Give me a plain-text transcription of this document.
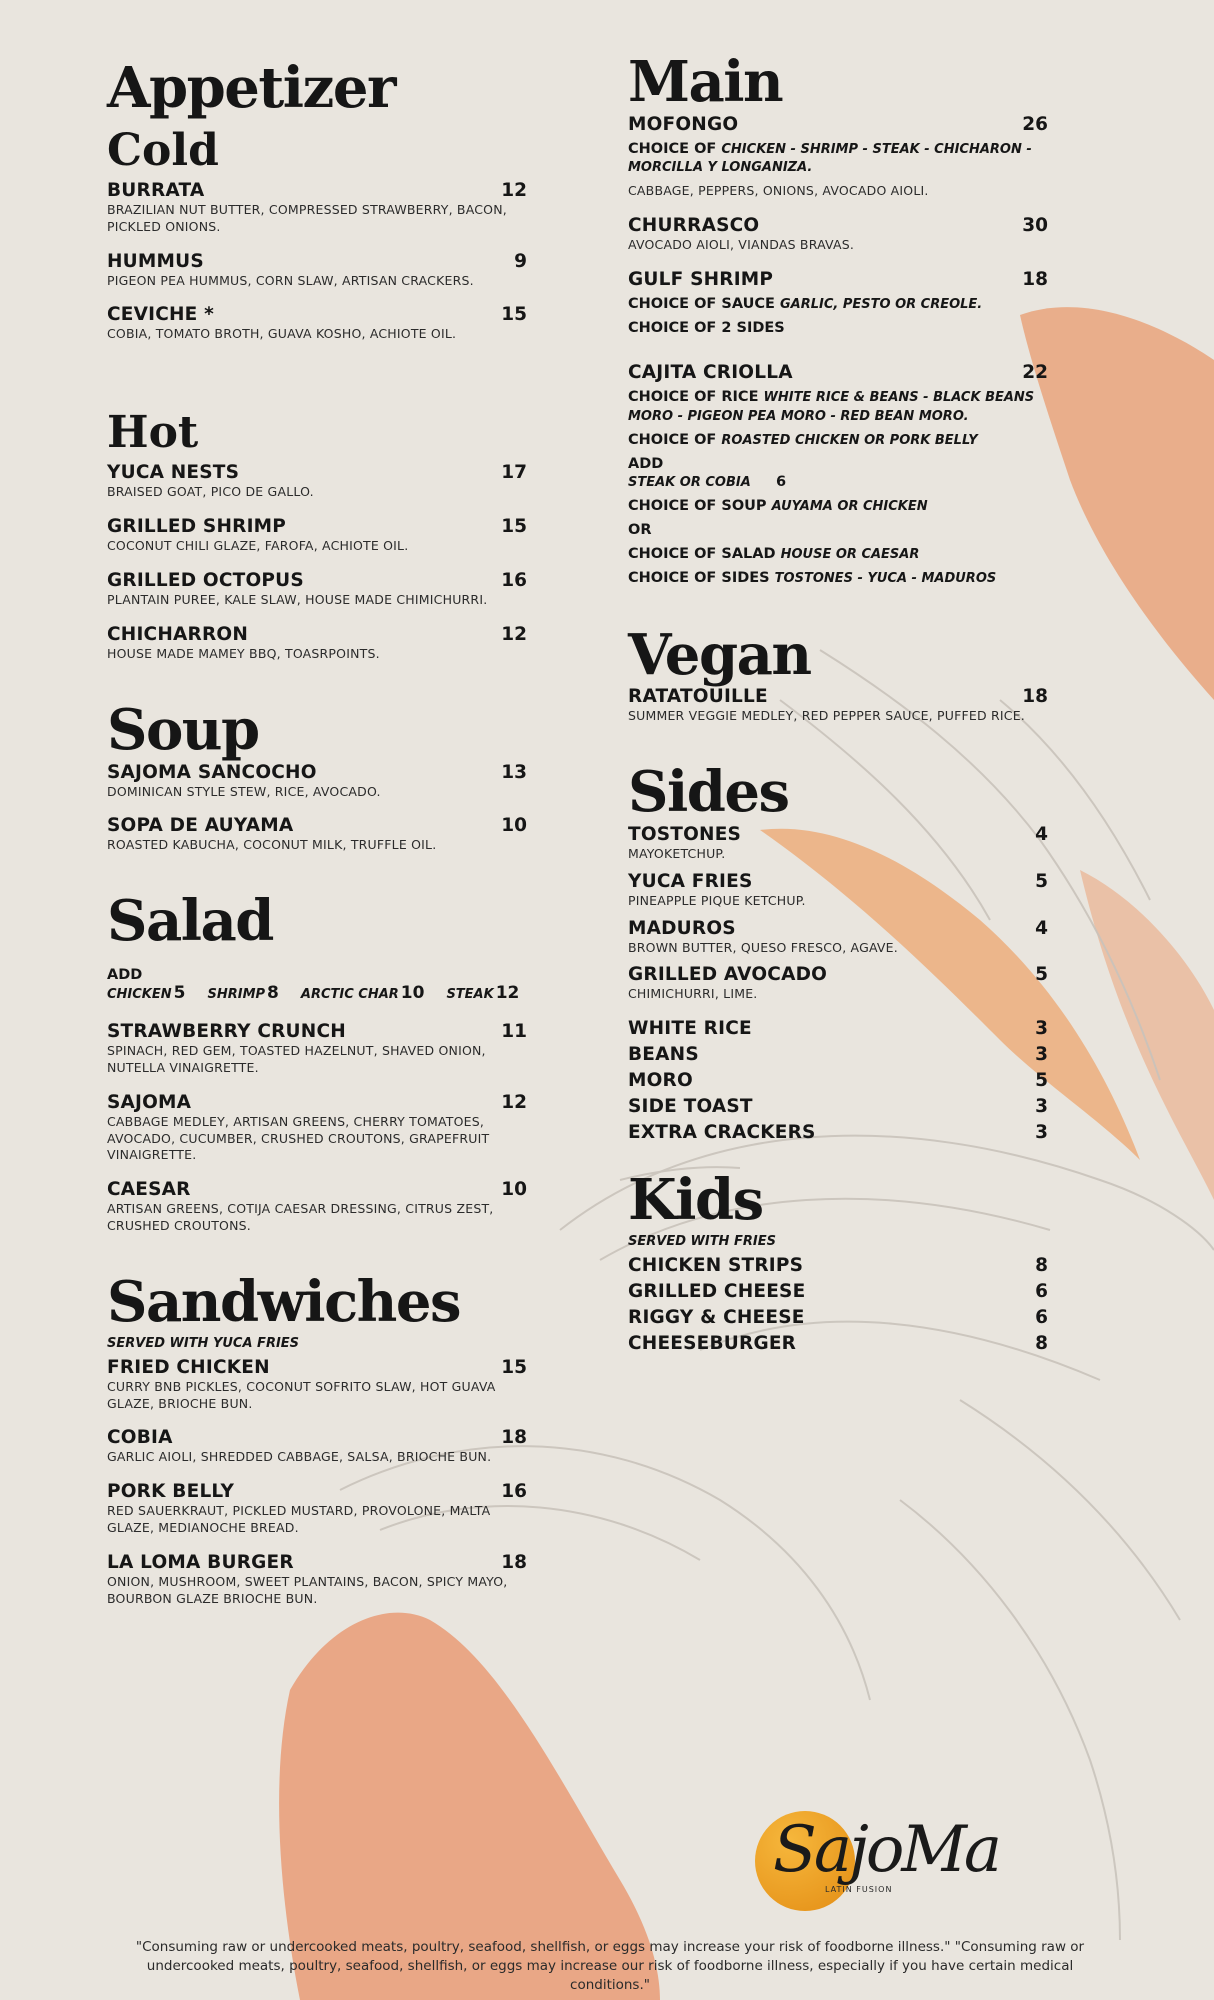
Appetizer
Cold
BURRATA	12
BRAZILIAN NUT BUTTER, COMPRESSED STRAWBERRY, BACON, PICKLED ONIONS.
HUMMUS	9
PIGEON PEA HUMMUS, CORN SLAW, ARTISAN CRACKERS.
CEVICHE *	15
COBIA, TOMATO BROTH, GUAVA KOSHO, ACHIOTE OIL.
Hot
YUCA NESTS	17
BRAISED GOAT, PICO DE GALLO.
GRILLED SHRIMP	15
COCONUT CHILI GLAZE, FAROFA, ACHIOTE OIL.
GRILLED OCTOPUS	16
PLANTAIN PUREE, KALE SLAW, HOUSE MADE CHIMICHURRI.
CHICHARRON	12
HOUSE MADE MAMEY BBQ, TOASRPOINTS.
Soup
SAJOMA SANCOCHO	13
DOMINICAN STYLE STEW, RICE, AVOCADO.
SOPA DE AUYAMA	10
ROASTED KABUCHA, COCONUT MILK, TRUFFLE OIL.
Salad
ADD
CHICKEN 5 SHRIMP 8 ARCTIC CHAR 10 STEAK 12
STRAWBERRY CRUNCH	11
SPINACH, RED GEM, TOASTED HAZELNUT, SHAVED ONION, NUTELLA VINAIGRETTE.
SAJOMA	12
CABBAGE MEDLEY, ARTISAN GREENS, CHERRY TOMATOES, AVOCADO, CUCUMBER, CRUSHED CROUTONS, GRAPEFRUIT VINAIGRETTE.
CAESAR	10
ARTISAN GREENS, COTIJA CAESAR DRESSING, CITRUS ZEST, CRUSHED CROUTONS.
Sandwiches
SERVED WITH YUCA FRIES
FRIED CHICKEN	15
CURRY BNB PICKLES, COCONUT SOFRITO SLAW, HOT GUAVA GLAZE, BRIOCHE BUN.
COBIA	18
GARLIC AIOLI, SHREDDED CABBAGE, SALSA, BRIOCHE BUN.
PORK BELLY	16
RED SAUERKRAUT, PICKLED MUSTARD, PROVOLONE, MALTA GLAZE, MEDIANOCHE BREAD.
LA LOMA BURGER	18
ONION, MUSHROOM, SWEET PLANTAINS, BACON, SPICY MAYO, BOURBON GLAZE BRIOCHE BUN.
Main
MOFONGO	26
CHOICE OF CHICKEN - SHRIMP - STEAK - CHICHARON - MORCILLA Y LONGANIZA.
CABBAGE, PEPPERS, ONIONS, AVOCADO AIOLI.
CHURRASCO	30
AVOCADO AIOLI, VIANDAS BRAVAS.
GULF SHRIMP	18
CHOICE OF SAUCE GARLIC, PESTO OR CREOLE.
CHOICE OF 2 SIDES
CAJITA CRIOLLA	22
CHOICE OF RICE WHITE RICE & BEANS - BLACK BEANS MORO - PIGEON PEA MORO - RED BEAN MORO.
CHOICE OF ROASTED CHICKEN OR PORK BELLY
ADD
STEAK OR COBIA 6
CHOICE OF SOUP AUYAMA OR CHICKEN
OR
CHOICE OF SALAD HOUSE OR CAESAR
CHOICE OF SIDES TOSTONES - YUCA - MADUROS
Vegan
RATATOUILLE	18
SUMMER VEGGIE MEDLEY, RED PEPPER SAUCE, PUFFED RICE.
Sides
TOSTONES	4
MAYOKETCHUP.
YUCA FRIES	5
PINEAPPLE PIQUE KETCHUP.
MADUROS	4
BROWN BUTTER, QUESO FRESCO, AGAVE.
GRILLED AVOCADO	5
CHIMICHURRI, LIME.
WHITE RICE	3
BEANS	3
MORO	5
SIDE TOAST	3
EXTRA CRACKERS	3
Kids
SERVED WITH FRIES
CHICKEN STRIPS	8
GRILLED CHEESE	6
RIGGY & CHEESE	6
CHEESEBURGER	8
SajoMa
LATIN FUSION
"Consuming raw or undercooked meats, poultry, seafood, shellfish, or eggs may increase your risk of foodborne illness." "Consuming raw or undercooked meats, poultry, seafood, shellfish, or eggs may increase our risk of foodborne illness, especially if you have certain medical conditions."
